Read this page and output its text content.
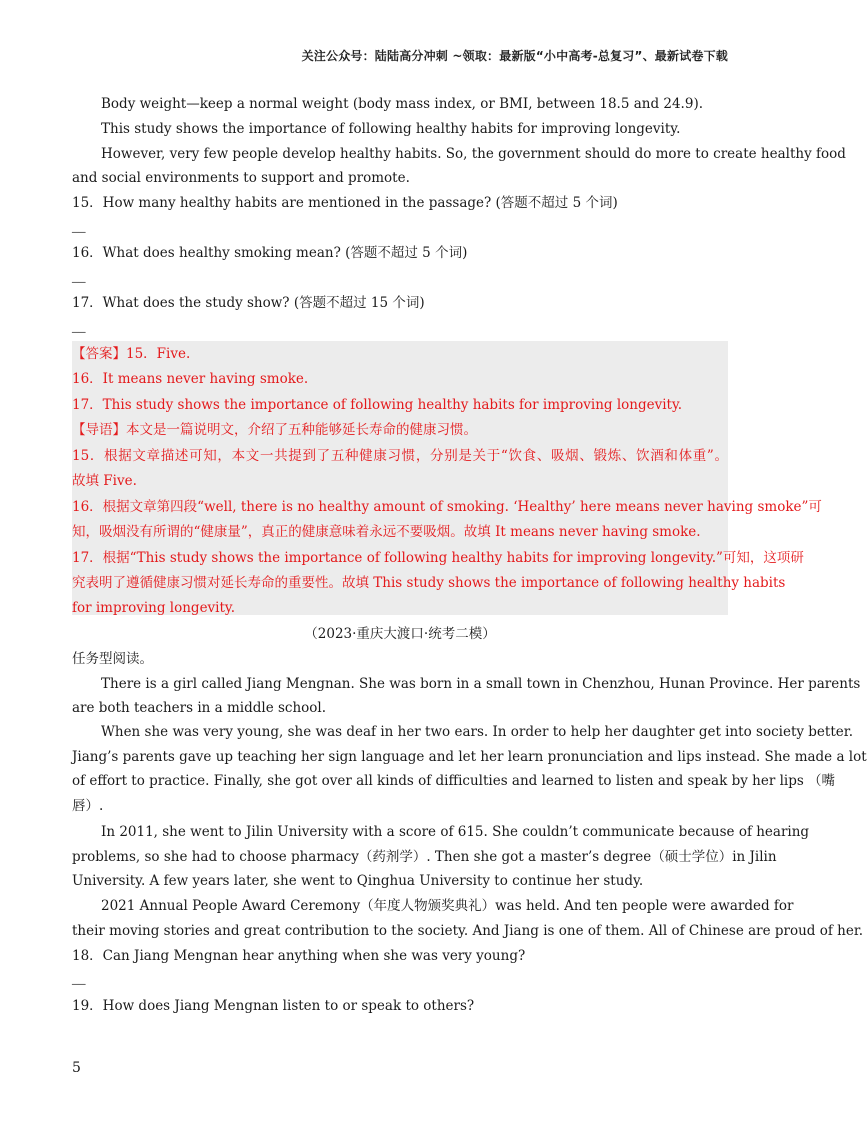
关注公众号：陆陆高分冲刺 ~领取：最新版“小中高考-总复习”、最新试卷下载
Body weight—keep a normal weight (body mass index, or BMI, between 18.5 and 24.9).
This study shows the importance of following healthy habits for improving longevity.
However, very few people develop healthy habits. So, the government should do more to create healthy food
and social environments to support and promote.
15．How many healthy habits are mentioned in the passage? (答题不超过 5 个词)
__
16．What does healthy smoking mean? (答题不超过 5 个词)
__
17．What does the study show? (答题不超过 15 个词)
__
【答案】15．Five.
16．It means never having smoke.
17．This study shows the importance of following healthy habits for improving longevity.
【导语】本文是一篇说明文，介绍了五种能够延长寿命的健康习惯。
15．根据文章描述可知，本文一共提到了五种健康习惯，分别是关于“饮食、吸烟、锻炼、饮酒和体重”。
故填 Five.
16．根据文章第四段“well, there is no healthy amount of smoking. ‘Healthy’ here means never having smoke”可
知，吸烟没有所谓的“健康量”，真正的健康意味着永远不要吸烟。故填 It means never having smoke.
17．根据“This study shows the importance of following healthy habits for improving longevity.”可知，这项研
究表明了遵循健康习惯对延长寿命的重要性。故填 This study shows the importance of following healthy habits
for improving longevity.
（2023·重庆大渡口·统考二模）
任务型阅读。
There is a girl called Jiang Mengnan. She was born in a small town in Chenzhou, Hunan Province. Her parents
are both teachers in a middle school.
When she was very young, she was deaf in her two ears. In order to help her daughter get into society better.
Jiang’s parents gave up teaching her sign language and let her learn pronunciation and lips instead. She made a lot
of effort to practice. Finally, she got over all kinds of difficulties and learned to listen and speak by her lips （嘴
唇）.
In 2011, she went to Jilin University with a score of 615. She couldn’t communicate because of hearing
problems, so she had to choose pharmacy（药剂学）. Then she got a master’s degree（硕士学位）in Jilin
University. A few years later, she went to Qinghua University to continue her study.
2021 Annual People Award Ceremony（年度人物颁奖典礼）was held. And ten people were awarded for
their moving stories and great contribution to the society. And Jiang is one of them. All of Chinese are proud of her.
18．Can Jiang Mengnan hear anything when she was very young?
__
19．How does Jiang Mengnan listen to or speak to others?
5
